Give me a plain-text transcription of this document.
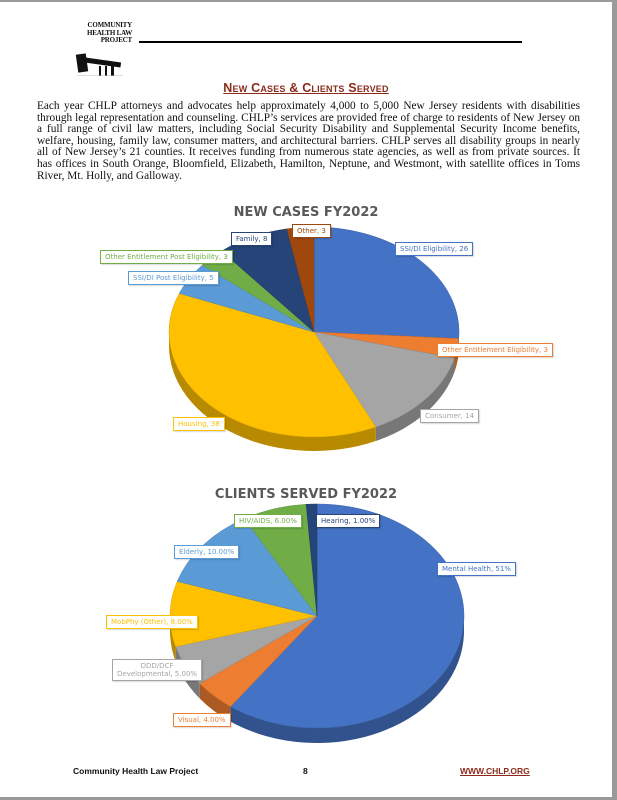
COMMUNITY
HEALTH LAW
PROJECT
New Cases & Clients Served
Each year CHLP attorneys and advocates help approximately 4,000 to 5,000 New Jersey residents with disabilities through legal representation and counseling. CHLP’s services are provided free of charge to residents of New Jersey on a full range of civil law matters, including Social Security Disability and Supplemental Security Income benefits, welfare, housing, family law, consumer matters, and architectural barriers. CHLP serves all disability groups in nearly all of New Jersey’s 21 counties. It receives funding from numerous state agencies, as well as from private sources. It has offices in South Orange, Bloomfield, Elizabeth, Hamilton, Neptune, and Westmont, with satellite offices in Toms River, Mt. Holly, and Galloway.
NEW CASES FY2022
SSI/DI Eligibility, 26
Other Entitlement Eligibility, 3
Consumer, 14
Housing, 38
SSI/DI Post Eligibility, 5
Other Entitlement Post Eligibility, 3
Family, 8
Other, 3
CLIENTS SERVED FY2022
Mental Health, 51%
Visual, 4.00%
DDD/DCF
Developmental, 5.00%
MobPhy (Other), 8.00%
Elderly, 10.00%
HIV/AIDS, 6.00%	Hearing, 1.00%
Community Health Law Project	8	WWW.CHLP.ORG
